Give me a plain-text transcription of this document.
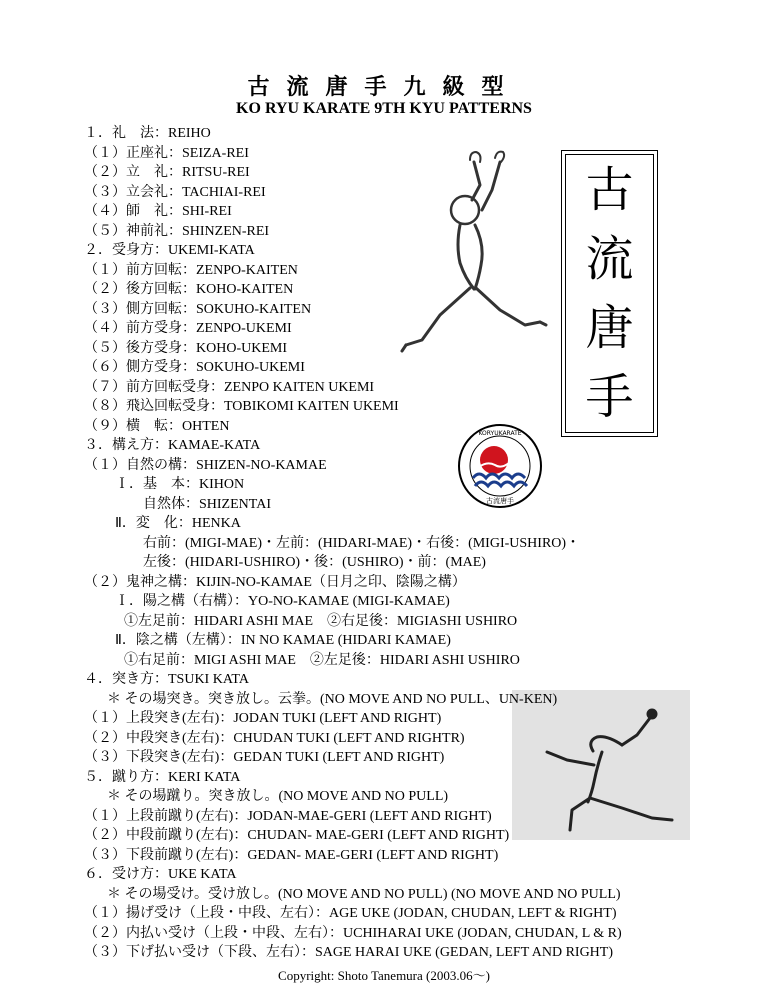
古流唐手九級型
KO RYU KARATE 9TH KYU PATTERNS
古
流
唐
手
KORYUKARATE
古流唐手
Copyright: Shoto Tanemura (2003.06～)
１．礼　法：REIHO
（１）正座礼：SEIZA-REI
（２）立　礼：RITSU-REI
（３）立会礼：TACHIAI-REI
（４）師　礼：SHI-REI
（５）神前礼：SHINZEN-REI
２．受身方：UKEMI-KATA
（１）前方回転：ZENPO-KAITEN
（２）後方回転：KOHO-KAITEN
（３）側方回転：SOKUHO-KAITEN
（４）前方受身：ZENPO-UKEMI
（５）後方受身：KOHO-UKEMI
（６）側方受身：SOKUHO-UKEMI
（７）前方回転受身：ZENPO KAITEN UKEMI
（８）飛込回転受身：TOBIKOMI KAITEN UKEMI
（９）横　転：OHTEN
３．構え方：KAMAE-KATA
（１）自然の構：SHIZEN-NO-KAMAE
Ｉ．基　本：KIHON
自然体：SHIZENTAI
Ⅱ．変　化：HENKA
右前：(MIGI-MAE)・左前：(HIDARI-MAE)・右後：(MIGI-USHIRO)・
左後：(HIDARI-USHIRO)・後：(USHIRO)・前：(MAE)
（２）鬼神之構：KIJIN-NO-KAMAE（日月之印、陰陽之構）
Ｉ．陽之構（右構）：YO-NO-KAMAE (MIGI-KAMAE)
①左足前：HIDARI ASHI MAE　②右足後：MIGIASHI USHIRO
Ⅱ．陰之構（左構）：IN NO KAMAE (HIDARI KAMAE)
①右足前：MIGI ASHI MAE　②左足後：HIDARI ASHI USHIRO
４．突き方：TSUKI KATA
＊ その場突き。突き放し。云拳。(NO MOVE AND NO PULL、UN-KEN)
（１）上段突き(左右)：JODAN TUKI (LEFT AND RIGHT)
（２）中段突き(左右)：CHUDAN TUKI (LEFT AND RIGHTR)
（３）下段突き(左右)：GEDAN TUKI (LEFT AND RIGHT)
５．蹴り方：KERI KATA
＊ その場蹴り。突き放し。(NO MOVE AND NO PULL)
（１）上段前蹴り(左右)：JODAN-MAE-GERI (LEFT AND RIGHT)
（２）中段前蹴り(左右)：CHUDAN- MAE-GERI (LEFT AND RIGHT)
（３）下段前蹴り(左右)：GEDAN- MAE-GERI (LEFT AND RIGHT)
６．受け方：UKE KATA
＊ その場受け。受け放し。(NO MOVE AND NO PULL) (NO MOVE AND NO PULL)
（１）揚げ受け（上段・中段、左右）：AGE UKE (JODAN, CHUDAN, LEFT & RIGHT)
（２）内払い受け（上段・中段、左右）：UCHIHARAI UKE (JODAN, CHUDAN, L & R)
（３）下げ払い受け（下段、左右）：SAGE HARAI UKE (GEDAN, LEFT AND RIGHT)
